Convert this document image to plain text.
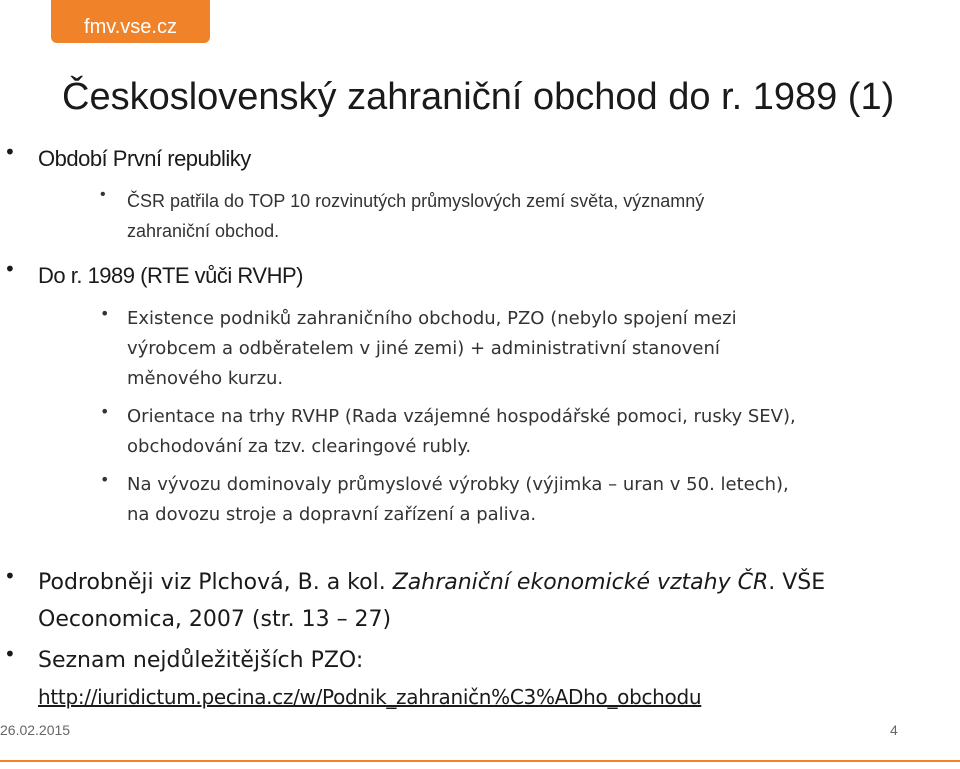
fmv.vse.cz
Československý zahraniční obchod do r. 1989 (1)
• Období První republiky
• ČSR patřila do TOP 10 rozvinutých průmyslových zemí světa, významný
zahraniční obchod.
• Do r. 1989 (RTE vůči RVHP)
• Existence podniků zahraničního obchodu, PZO (nebylo spojení mezi
výrobcem a odběratelem v jiné zemi) + administrativní stanovení
měnového kurzu.
• Orientace na trhy RVHP (Rada vzájemné hospodářské pomoci, rusky SEV),
obchodování za tzv. clearingové rubly.
• Na vývozu dominovaly průmyslové výrobky (výjimka – uran v 50. letech),
na dovozu stroje a dopravní zařízení a paliva.
• Podrobněji viz Plchová, B. a kol. Zahraniční ekonomické vztahy ČR. VŠE
Oeconomica, 2007 (str. 13 – 27)
• Seznam nejdůležitějších PZO:
http://iuridictum.pecina.cz/w/Podnik_zahraničn%C3%ADho_obchodu
26.02.2015	4
